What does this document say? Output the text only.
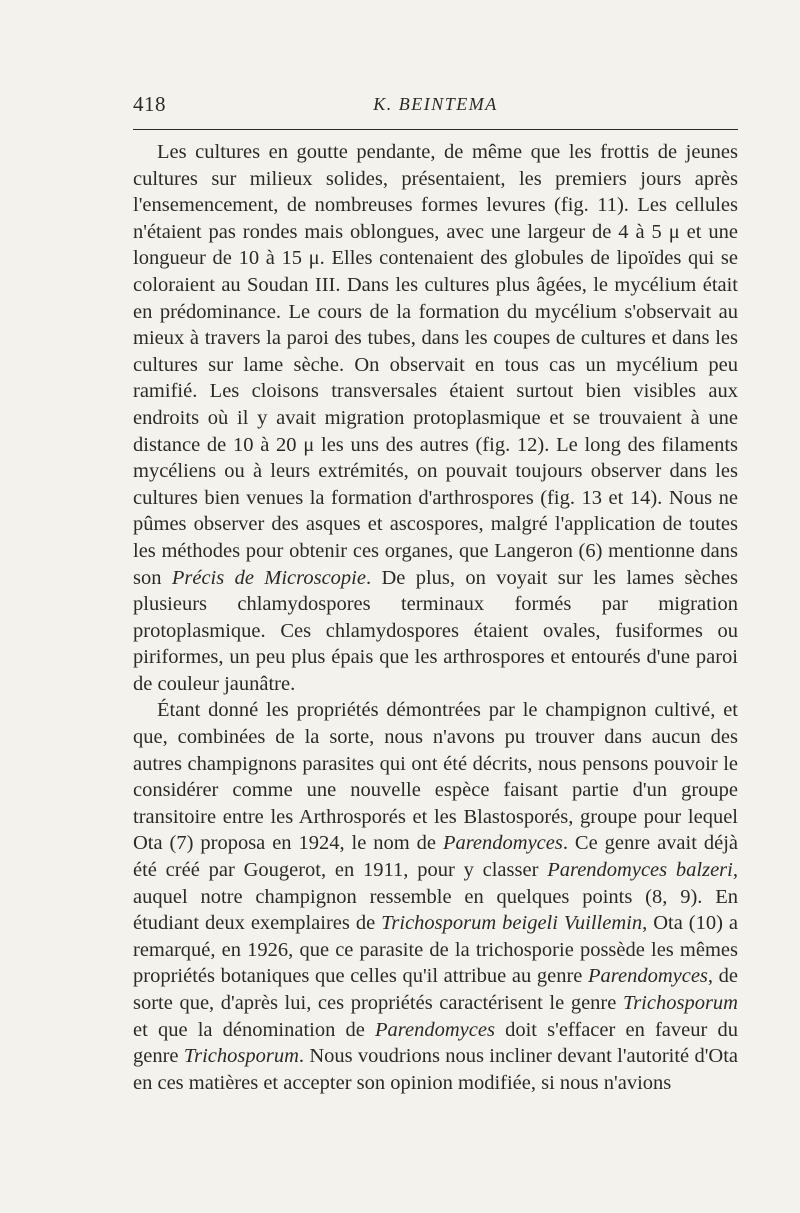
418	K. BEINTEMA

Les cultures en goutte pendante, de même que les frottis de jeunes cultures sur milieux solides, présentaient, les premiers jours après l'ensemencement, de nombreuses formes levures (fig. 11). Les cellules n'étaient pas rondes mais oblongues, avec une largeur de 4 à 5 μ et une longueur de 10 à 15 μ. Elles contenaient des globules de lipoïdes qui se coloraient au Soudan III. Dans les cultures plus âgées, le mycélium était en prédominance. Le cours de la formation du mycélium s'observait au mieux à travers la paroi des tubes, dans les coupes de cultures et dans les cultures sur lame sèche. On observait en tous cas un mycélium peu ramifié. Les cloisons transversales étaient surtout bien visibles aux endroits où il y avait migration protoplasmique et se trouvaient à une distance de 10 à 20 μ les uns des autres (fig. 12). Le long des filaments mycéliens ou à leurs extrémités, on pouvait toujours observer dans les cultures bien venues la formation d'arthrospores (fig. 13 et 14). Nous ne pûmes observer des asques et ascospores, malgré l'application de toutes les méthodes pour obtenir ces organes, que Langeron (6) mentionne dans son Précis de Microscopie. De plus, on voyait sur les lames sèches plusieurs chlamydospores terminaux formés par migration protoplasmique. Ces chlamydospores étaient ovales, fusiformes ou piriformes, un peu plus épais que les arthrospores et entourés d'une paroi de couleur jaunâtre.

Étant donné les propriétés démontrées par le champignon cultivé, et que, combinées de la sorte, nous n'avons pu trouver dans aucun des autres champignons parasites qui ont été décrits, nous pensons pouvoir le considérer comme une nouvelle espèce faisant partie d'un groupe transitoire entre les Arthrosporés et les Blastosporés, groupe pour lequel Ota (7) proposa en 1924, le nom de Parendomyces. Ce genre avait déjà été créé par Gougerot, en 1911, pour y classer Parendomyces balzeri, auquel notre champignon ressemble en quelques points (8, 9). En étudiant deux exemplaires de Trichosporum beigeli Vuillemin, Ota (10) a remarqué, en 1926, que ce parasite de la trichosporie possède les mêmes propriétés botaniques que celles qu'il attribue au genre Parendomyces, de sorte que, d'après lui, ces propriétés caractérisent le genre Trichosporum et que la dénomination de Parendomyces doit s'effacer en faveur du genre Trichosporum. Nous voudrions nous incliner devant l'autorité d'Ota en ces matières et accepter son opinion modifiée, si nous n'avions
